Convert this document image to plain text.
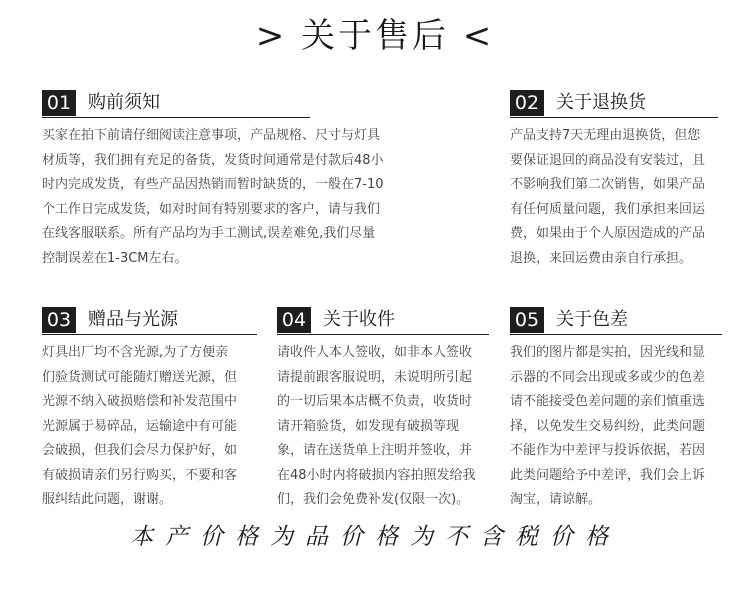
> 关于售后 <
01 购前须知

买家在拍下前请仔细阅读注意事项，产品规格、尺寸与灯具

材质等，我们拥有充足的备货，发货时间通常是付款后48小

时内完成发货，有些产品因热销而暂时缺货的，一般在7-10

个工作日完成发货，如对时间有特别要求的客户，请与我们

在线客服联系。所有产品均为手工测试,误差难免,我们尽量

控制误差在1-3CM左右。

02 关于退换货

产品支持7天无理由退换货，但您

要保证退回的商品没有安装过，且

不影响我们第二次销售，如果产品

有任何质量问题，我们承担来回运

费，如果由于个人原因造成的产品

退换，来回运费由亲自行承担。

03 赠品与光源

灯具出厂均不含光源,为了方便亲

们验货测试可能随灯赠送光源，但

光源不纳入破损赔偿和补发范围中

光源属于易碎品，运输途中有可能

会破损，但我们会尽力保护好，如

有破损请亲们另行购买，不要和客

服纠结此问题，谢谢。

04 关于收件

请收件人本人签收，如非本人签收

请提前跟客服说明，未说明所引起

的一切后果本店概不负责，收货时

请开箱验货，如发现有破损等现

象，请在送货单上注明并签收，并

在48小时内将破损内容拍照发给我

们，我们会免费补发(仅限一次)。

05 关于色差

我们的图片都是实拍，因光线和显

示器的不同会出现或多或少的色差

请不能接受色差问题的亲们慎重选

择，以免发生交易纠纷，此类问题

不能作为中差评与投诉依据，若因

此类问题给予中差评，我们会上诉

淘宝，请谅解。

本产价格为品价格为不含税价格
